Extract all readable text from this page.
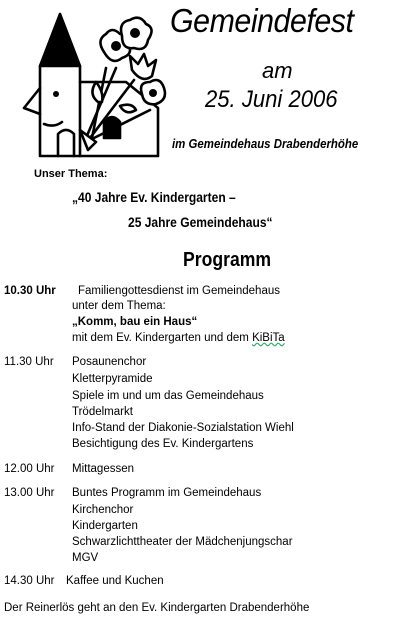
Gemeindefest
am
25. Juni 2006
im Gemeindehaus Drabenderhöhe
Unser Thema:
„40 Jahre Ev. Kindergarten –
25 Jahre Gemeindehaus“
Programm
10.30 Uhr Familiengottesdienst im Gemeindehaus
unter dem Thema:
„Komm, bau ein Haus“
mit dem Ev. Kindergarten und dem KiBiTa
11.30 Uhr Posaunenchor
Kletterpyramide
Spiele im und um das Gemeindehaus
Trödelmarkt
Info-Stand der Diakonie-Sozialstation Wiehl
Besichtigung des Ev. Kindergartens
12.00 Uhr Mittagessen
13.00 Uhr Buntes Programm im Gemeindehaus
Kirchenchor
Kindergarten
Schwarzlichttheater der Mädchenjungschar
MGV
14.30 Uhr Kaffee und Kuchen
Der Reinerlös geht an den Ev. Kindergarten Drabenderhöhe
